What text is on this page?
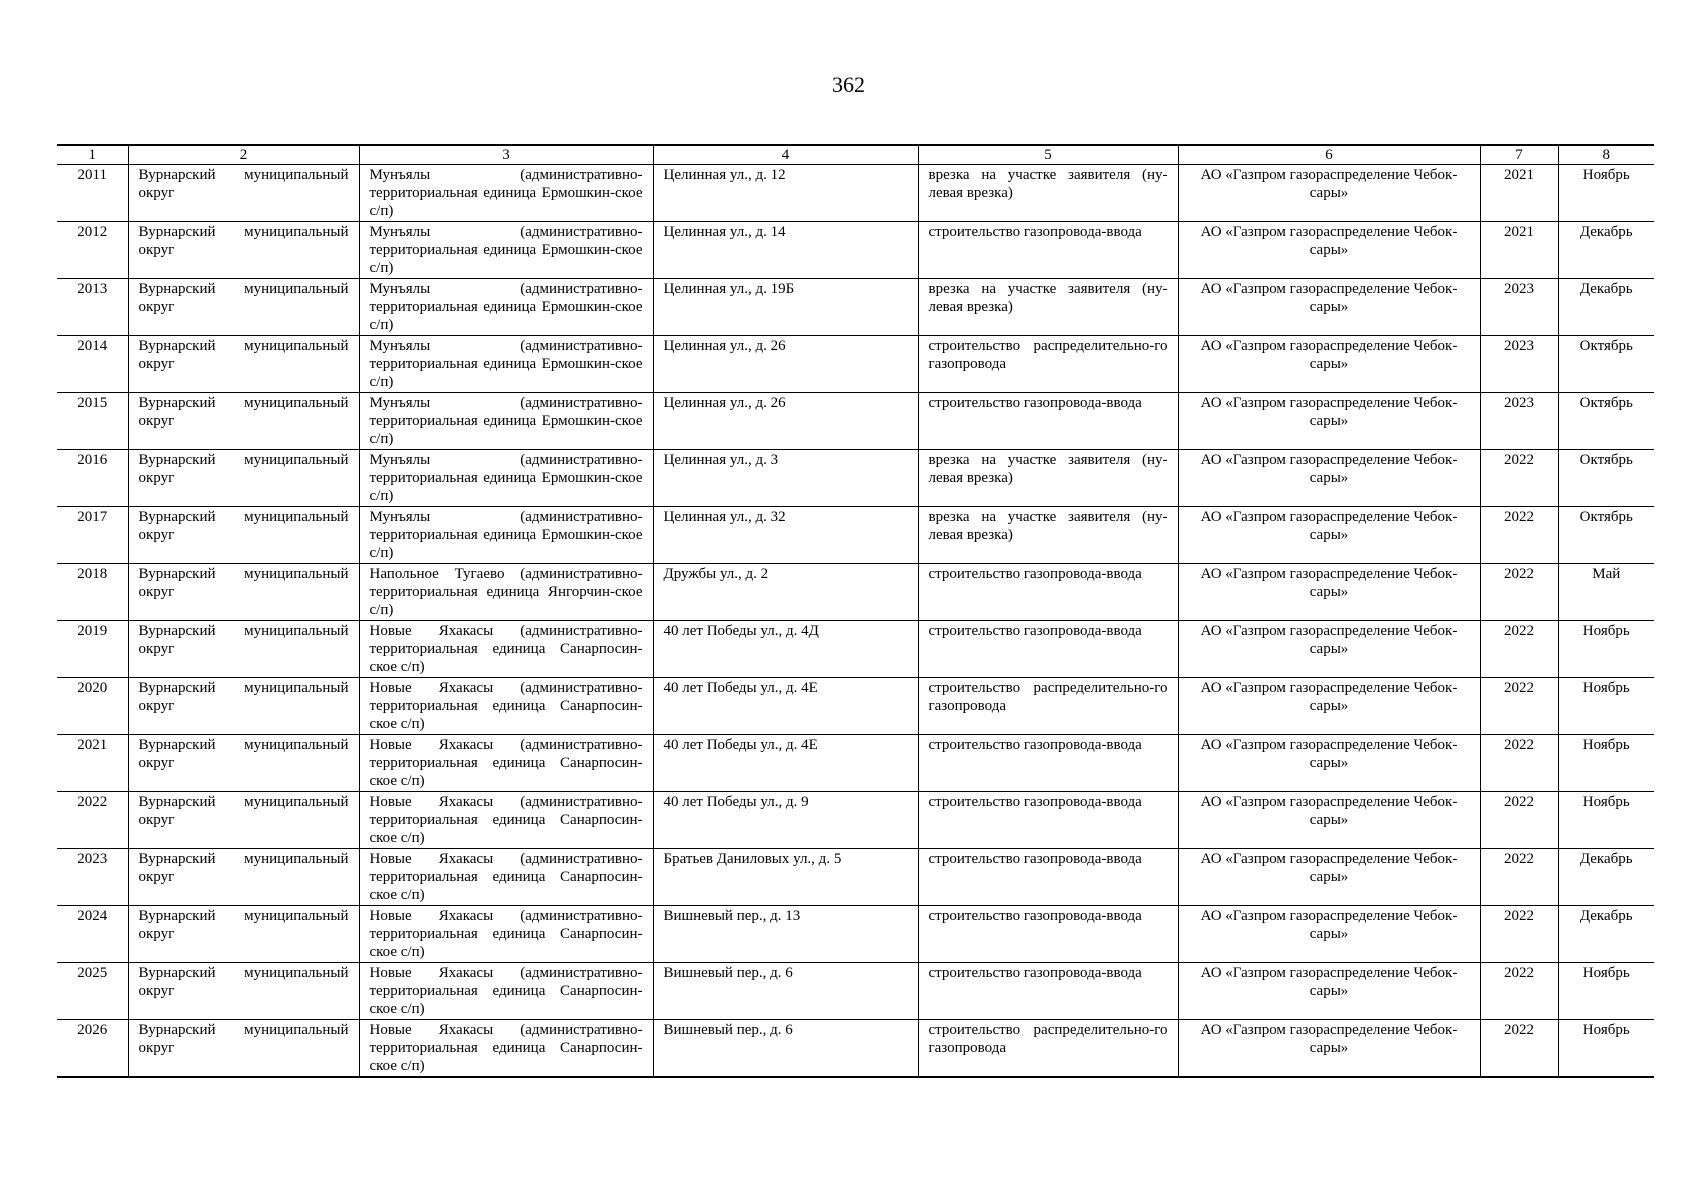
362
1	2	3	4	5	6	7	8
2011	Вурнарский муниципальный округ	Мунъялы (административно-территориальная единица Ермошкин-ское с/п)	Целинная ул., д. 12	врезка на участке заявителя (ну-левая врезка)	АО «Газпром газораспределение Чебок-сары»	2021	Ноябрь
2012	Вурнарский муниципальный округ	Мунъялы (административно-территориальная единица Ермошкин-ское с/п)	Целинная ул., д. 14	строительство газопровода-ввода	АО «Газпром газораспределение Чебок-сары»	2021	Декабрь
2013	Вурнарский муниципальный округ	Мунъялы (административно-территориальная единица Ермошкин-ское с/п)	Целинная ул., д. 19Б	врезка на участке заявителя (ну-левая врезка)	АО «Газпром газораспределение Чебок-сары»	2023	Декабрь
2014	Вурнарский муниципальный округ	Мунъялы (административно-территориальная единица Ермошкин-ское с/п)	Целинная ул., д. 26	строительство распределительно-го газопровода	АО «Газпром газораспределение Чебок-сары»	2023	Октябрь
2015	Вурнарский муниципальный округ	Мунъялы (административно-территориальная единица Ермошкин-ское с/п)	Целинная ул., д. 26	строительство газопровода-ввода	АО «Газпром газораспределение Чебок-сары»	2023	Октябрь
2016	Вурнарский муниципальный округ	Мунъялы (административно-территориальная единица Ермошкин-ское с/п)	Целинная ул., д. 3	врезка на участке заявителя (ну-левая врезка)	АО «Газпром газораспределение Чебок-сары»	2022	Октябрь
2017	Вурнарский муниципальный округ	Мунъялы (административно-территориальная единица Ермошкин-ское с/п)	Целинная ул., д. 32	врезка на участке заявителя (ну-левая врезка)	АО «Газпром газораспределение Чебок-сары»	2022	Октябрь
2018	Вурнарский муниципальный округ	Напольное Тугаево (административно-территориальная единица Янгорчин-ское с/п)	Дружбы ул., д. 2	строительство газопровода-ввода	АО «Газпром газораспределение Чебок-сары»	2022	Май
2019	Вурнарский муниципальный округ	Новые Яхакасы (административно-территориальная единица Санарпосин-ское с/п)	40 лет Победы ул., д. 4Д	строительство газопровода-ввода	АО «Газпром газораспределение Чебок-сары»	2022	Ноябрь
2020	Вурнарский муниципальный округ	Новые Яхакасы (административно-территориальная единица Санарпосин-ское с/п)	40 лет Победы ул., д. 4Е	строительство распределительно-го газопровода	АО «Газпром газораспределение Чебок-сары»	2022	Ноябрь
2021	Вурнарский муниципальный округ	Новые Яхакасы (административно-территориальная единица Санарпосин-ское с/п)	40 лет Победы ул., д. 4Е	строительство газопровода-ввода	АО «Газпром газораспределение Чебок-сары»	2022	Ноябрь
2022	Вурнарский муниципальный округ	Новые Яхакасы (административно-территориальная единица Санарпосин-ское с/п)	40 лет Победы ул., д. 9	строительство газопровода-ввода	АО «Газпром газораспределение Чебок-сары»	2022	Ноябрь
2023	Вурнарский муниципальный округ	Новые Яхакасы (административно-территориальная единица Санарпосин-ское с/п)	Братьев Даниловых ул., д. 5	строительство газопровода-ввода	АО «Газпром газораспределение Чебок-сары»	2022	Декабрь
2024	Вурнарский муниципальный округ	Новые Яхакасы (административно-территориальная единица Санарпосин-ское с/п)	Вишневый пер., д. 13	строительство газопровода-ввода	АО «Газпром газораспределение Чебок-сары»	2022	Декабрь
2025	Вурнарский муниципальный округ	Новые Яхакасы (административно-территориальная единица Санарпосин-ское с/п)	Вишневый пер., д. 6	строительство газопровода-ввода	АО «Газпром газораспределение Чебок-сары»	2022	Ноябрь
2026	Вурнарский муниципальный округ	Новые Яхакасы (административно-территориальная единица Санарпосин-ское с/п)	Вишневый пер., д. 6	строительство распределительно-го газопровода	АО «Газпром газораспределение Чебок-сары»	2022	Ноябрь
